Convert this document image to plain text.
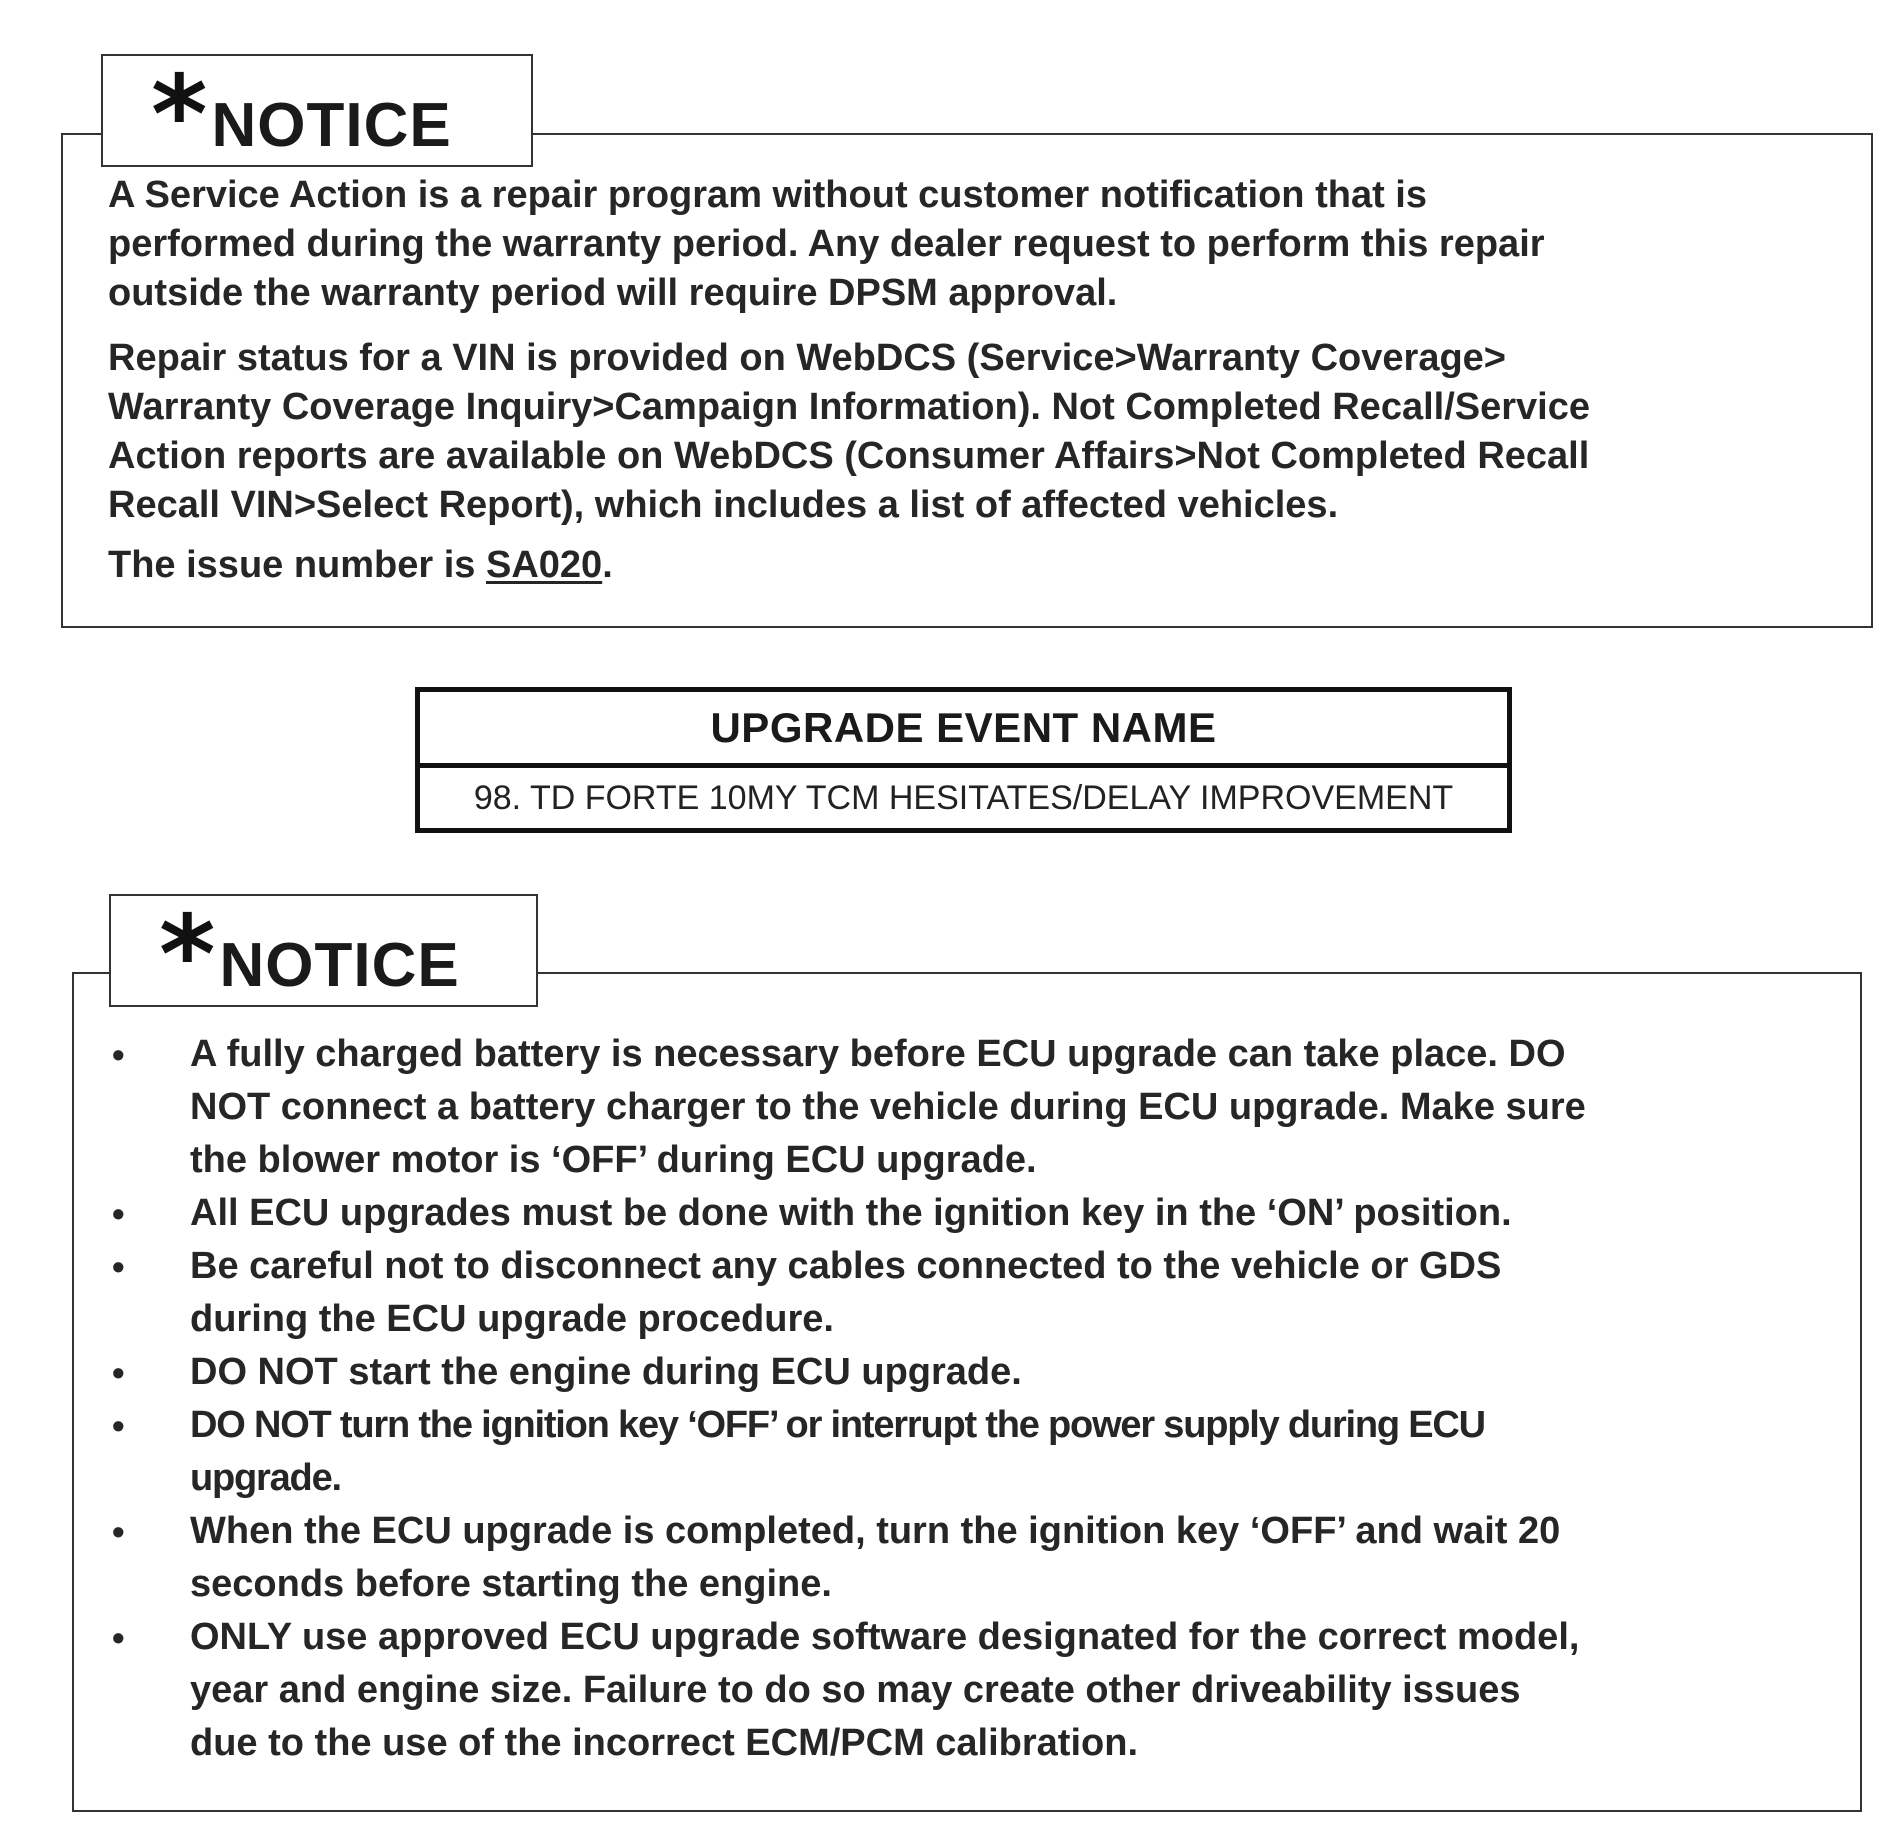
* NOTICE

A Service Action is a repair program without customer notification that is
performed during the warranty period. Any dealer request to perform this repair
outside the warranty period will require DPSM approval.

Repair status for a VIN is provided on WebDCS (Service>Warranty Coverage>
Warranty Coverage Inquiry>Campaign Information). Not Completed Recall/Service
Action reports are available on WebDCS (Consumer Affairs>Not Completed Recall
Recall VIN>Select Report), which includes a list of affected vehicles.

The issue number is SA020.

UPGRADE EVENT NAME
98. TD FORTE 10MY TCM HESITATES/DELAY IMPROVEMENT
* NOTICE
•	A fully charged battery is necessary before ECU upgrade can take place. DO
NOT connect a battery charger to the vehicle during ECU upgrade. Make sure
the blower motor is ‘OFF’ during ECU upgrade.
•	All ECU upgrades must be done with the ignition key in the ‘ON’ position.
•	Be careful not to disconnect any cables connected to the vehicle or GDS
during the ECU upgrade procedure.
•	DO NOT start the engine during ECU upgrade.
•	DO NOT turn the ignition key ‘OFF’ or interrupt the power supply during ECU
upgrade.
•	When the ECU upgrade is completed, turn the ignition key ‘OFF’ and wait 20
seconds before starting the engine.
•	ONLY use approved ECU upgrade software designated for the correct model,
year and engine size. Failure to do so may create other driveability issues
due to the use of the incorrect ECM/PCM calibration.
